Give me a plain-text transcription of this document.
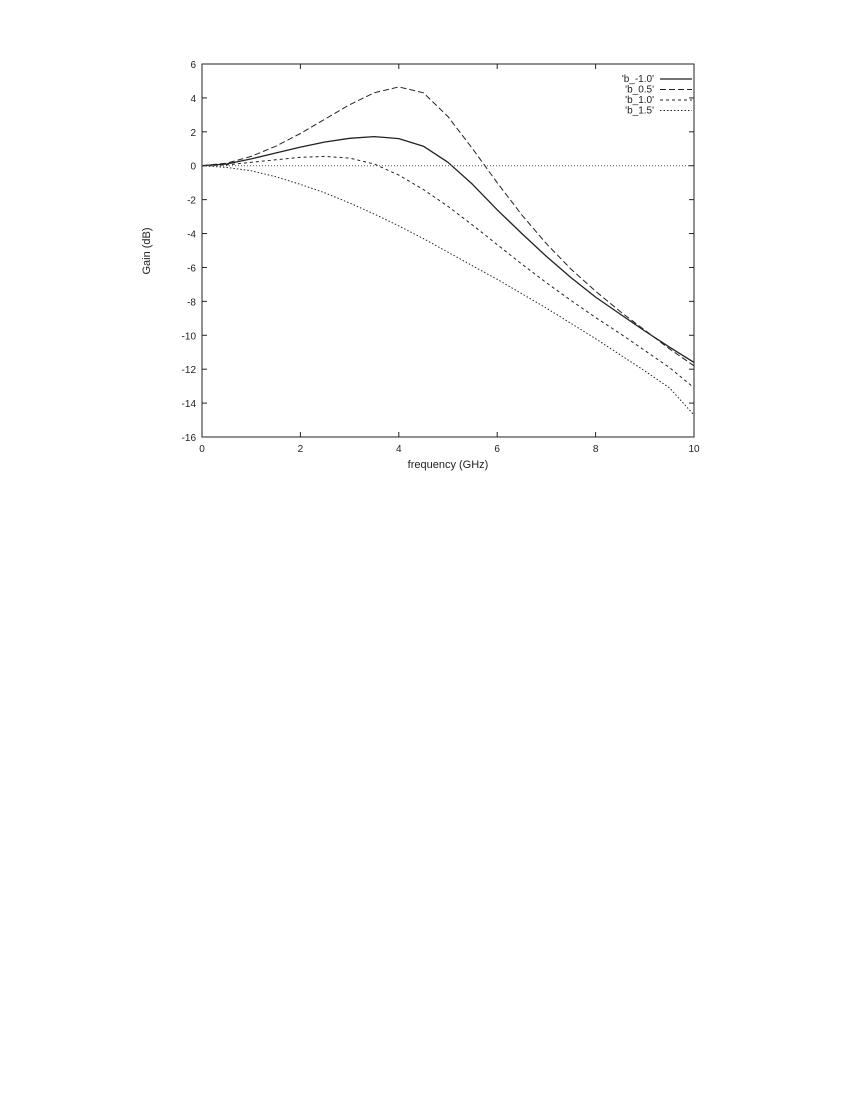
0	2	4	6	8	10
6
4
2
0
-2
-4
-6
-8
-10
-12
-14
-16
'b_-1.0'
'b_0.5'
'b_1.0'
'b_1.5'
frequency (GHz)
Gain (dB)
